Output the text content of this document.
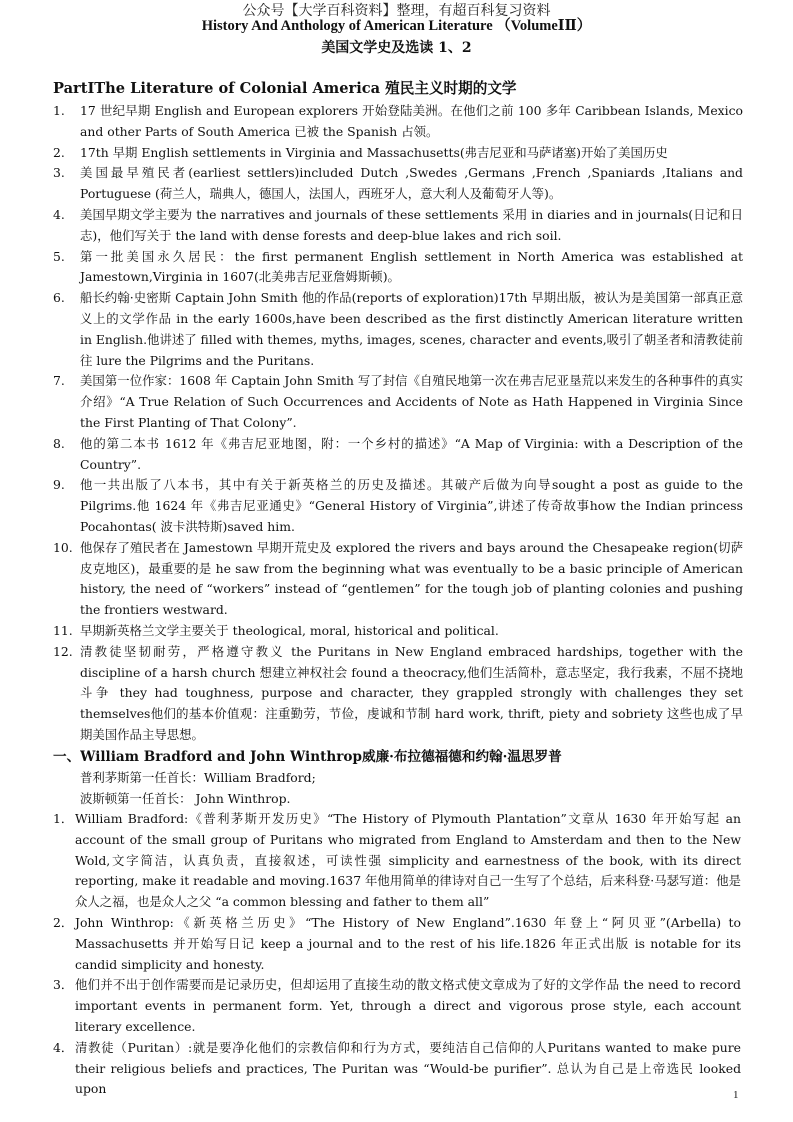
公众号【大学百科资料】整理，有超百科复习资料
History And Anthology of American Literature （VolumeⅠⅡ）
美国文学史及选读 1、2
PartⅠThe Literature of Colonial America 殖民主义时期的文学
1. 17 世纪早期 English and European explorers 开始登陆美洲。在他们之前 100 多年 Caribbean Islands, Mexico and other Parts of South America 已被 the Spanish 占领。
2. 17th 早期 English settlements in Virginia and Massachusetts(弗吉尼亚和马萨诸塞)开始了美国历史
3. 美国最早殖民者(earliest settlers)included Dutch ,Swedes ,Germans ,French ,Spaniards ,Italians and Portuguese (荷兰人，瑞典人，德国人，法国人，西班牙人，意大利人及葡萄牙人等)。
4. 美国早期文学主要为 the narratives and journals of these settlements 采用 in diaries and in journals(日记和日志)，他们写关于 the land with dense forests and deep-blue lakes and rich soil.
5. 第一批美国永久居民：the first permanent English settlement in North America was established at Jamestown,Virginia in 1607(北美弗吉尼亚詹姆斯顿)。
6. 船长约翰·史密斯 Captain John Smith 他的作品(reports of exploration)17th 早期出版，被认为是美国第一部真正意义上的文学作品 in the early 1600s,have been described as the first distinctly American literature written in English.他讲述了 filled with themes, myths, images, scenes, character and events,吸引了朝圣者和清教徒前往 lure the Pilgrims and the Puritans.
7. 美国第一位作家：1608 年 Captain John Smith 写了封信《自殖民地第一次在弗吉尼亚垦荒以来发生的各种事件的真实介绍》“A True Relation of Such Occurrences and Accidents of Note as Hath Happened in Virginia Since the First Planting of That Colony”.
8. 他的第二本书 1612 年《弗吉尼亚地图，附：一个乡村的描述》“A Map of Virginia: with a Description of the Country”.
9. 他一共出版了八本书，其中有关于新英格兰的历史及描述。其破产后做为向导sought a post as guide to the Pilgrims.他 1624 年《弗吉尼亚通史》“General History of Virginia”,讲述了传奇故事how the Indian princess Pocahontas( 波卡洪特斯)saved him.
10. 他保存了殖民者在 Jamestown 早期开荒史及 explored the rivers and bays around the Chesapeake region(切萨皮克地区)，最重要的是 he saw from the beginning what was eventually to be a basic principle of American history, the need of “workers” instead of “gentlemen” for the tough job of planting colonies and pushing the frontiers westward.
11. 早期新英格兰文学主要关于 theological, moral, historical and political.
12. 清教徒坚韧耐劳，严格遵守教义 the Puritans in New England embraced hardships, together with the discipline of a harsh church 想建立神权社会 found a theocracy,他们生活简朴，意志坚定，我行我素，不屈不挠地斗争 they had toughness, purpose and character, they grappled strongly with challenges they set themselves他们的基本价值观：注重勤劳，节俭，虔诚和节制 hard work, thrift, piety and sobriety 这些也成了早期美国作品主导思想。
一、William Bradford and John Winthrop威廉·布拉德福德和约翰·温思罗普
普利茅斯第一任首长：William Bradford;
波斯顿第一任首长： John Winthrop.
1． William Bradford:《普利茅斯开发历史》“The History of Plymouth Plantation”文章从 1630 年开始写起 an account of the small group of Puritans who migrated from England to Amsterdam and then to the New Wold,文字简洁，认真负责，直接叙述，可读性强 simplicity and earnestness of the book, with its direct reporting, make it readable and moving.1637 年他用简单的律诗对自己一生写了个总结，后来科登·马瑟写道：他是众人之福，也是众人之父 “a common blessing and father to them all”
2． John Winthrop:《新英格兰历史》“The History of New England”.1630 年登上“阿贝亚”(Arbella) to Massachusetts 并开始写日记 keep a journal and to the rest of his life.1826 年正式出版 is notable for its candid simplicity and honesty.
3． 他们并不出于创作需要而是记录历史，但却运用了直接生动的散文格式使文章成为了好的文学作品 the need to record important events in permanent form. Yet, through a direct and vigorous prose style, each account literary excellence.
4． 清教徒（Puritan）:就是要净化他们的宗教信仰和行为方式，要纯洁自己信仰的人Puritans wanted to make pure their religious beliefs and practices, The Puritan was “Would-be purifier”. 总认为自己是上帝选民 looked upon	1
